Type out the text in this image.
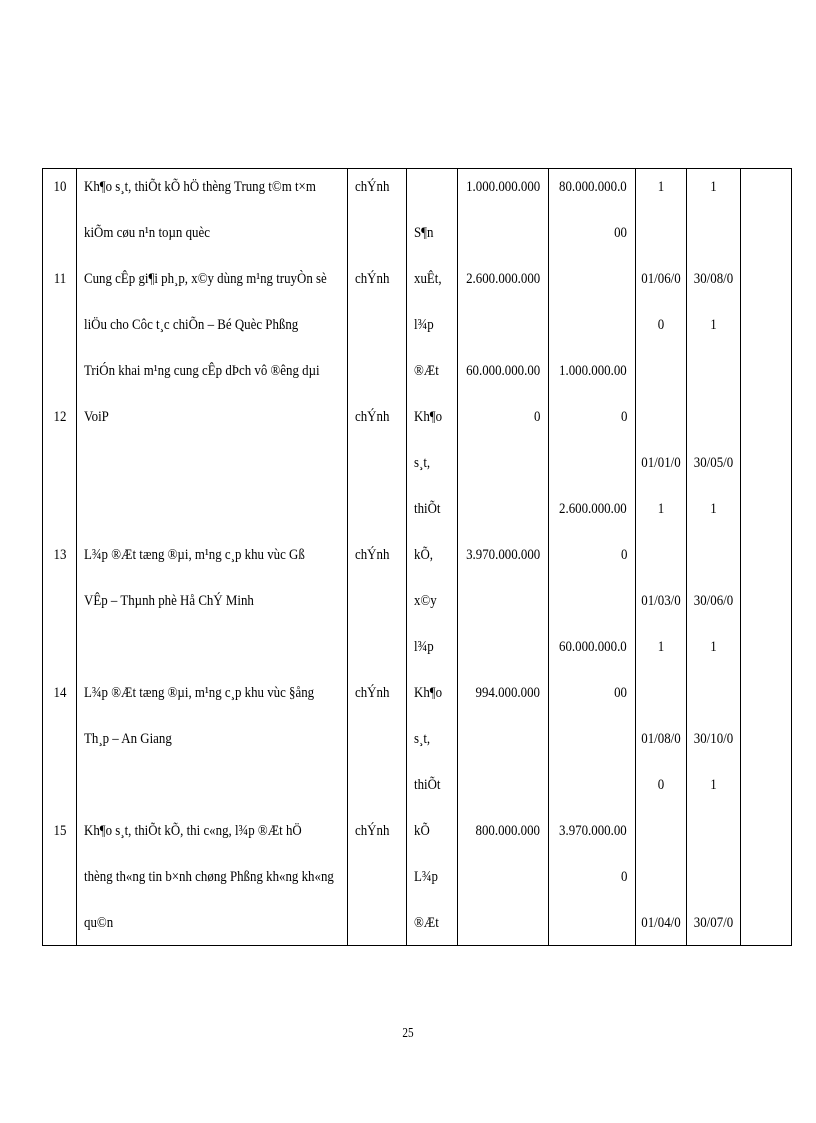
10
11
12
13
14
15
Kh¶o s¸t, thiÕt kÕ hÖ thèng Trung t©m t×m
kiÕm cøu n¹n toµn quèc
Cung cÊp gi¶i ph¸p, x©y dùng m¹ng truyÒn sè
liÖu cho Côc t¸c chiÕn – Bé Quèc Phßng
TriÓn khai m¹ng cung cÊp dÞch vô ®êng dµi
VoiP
L¾p ®Æt tæng ®µi, m¹ng c¸p khu vùc Gß
VÊp – Thµnh phè Hå ChÝ Minh
L¾p ®Æt tæng ®µi, m¹ng c¸p khu vùc §ång
Th¸p – An Giang
Kh¶o s¸t, thiÕt kÕ, thi c«ng, l¾p ®Æt hÖ
thèng th«ng tin b×nh chøng Phßng kh«ng kh«ng
qu©n
chÝnh
chÝnh
chÝnh
chÝnh
chÝnh
chÝnh
S¶n
xuÊt,
l¾p
®Æt
Kh¶o
s¸t,
thiÕt
kÕ,
x©y
l¾p
Kh¶o
s¸t,
thiÕt
kÕ
L¾p
®Æt
1.000.000.000
2.600.000.000
60.000.000.00
0
3.970.000.000
994.000.000
800.000.000
80.000.000.0
00
1.000.000.00
0
2.600.000.00
0
60.000.000.0
00
3.970.000.00
0
1
01/06/0
0
01/01/0
1
01/03/0
1
01/08/0
0
01/04/0
1
30/08/0
1
30/05/0
1
30/06/0
1
30/10/0
1
30/07/0
25
